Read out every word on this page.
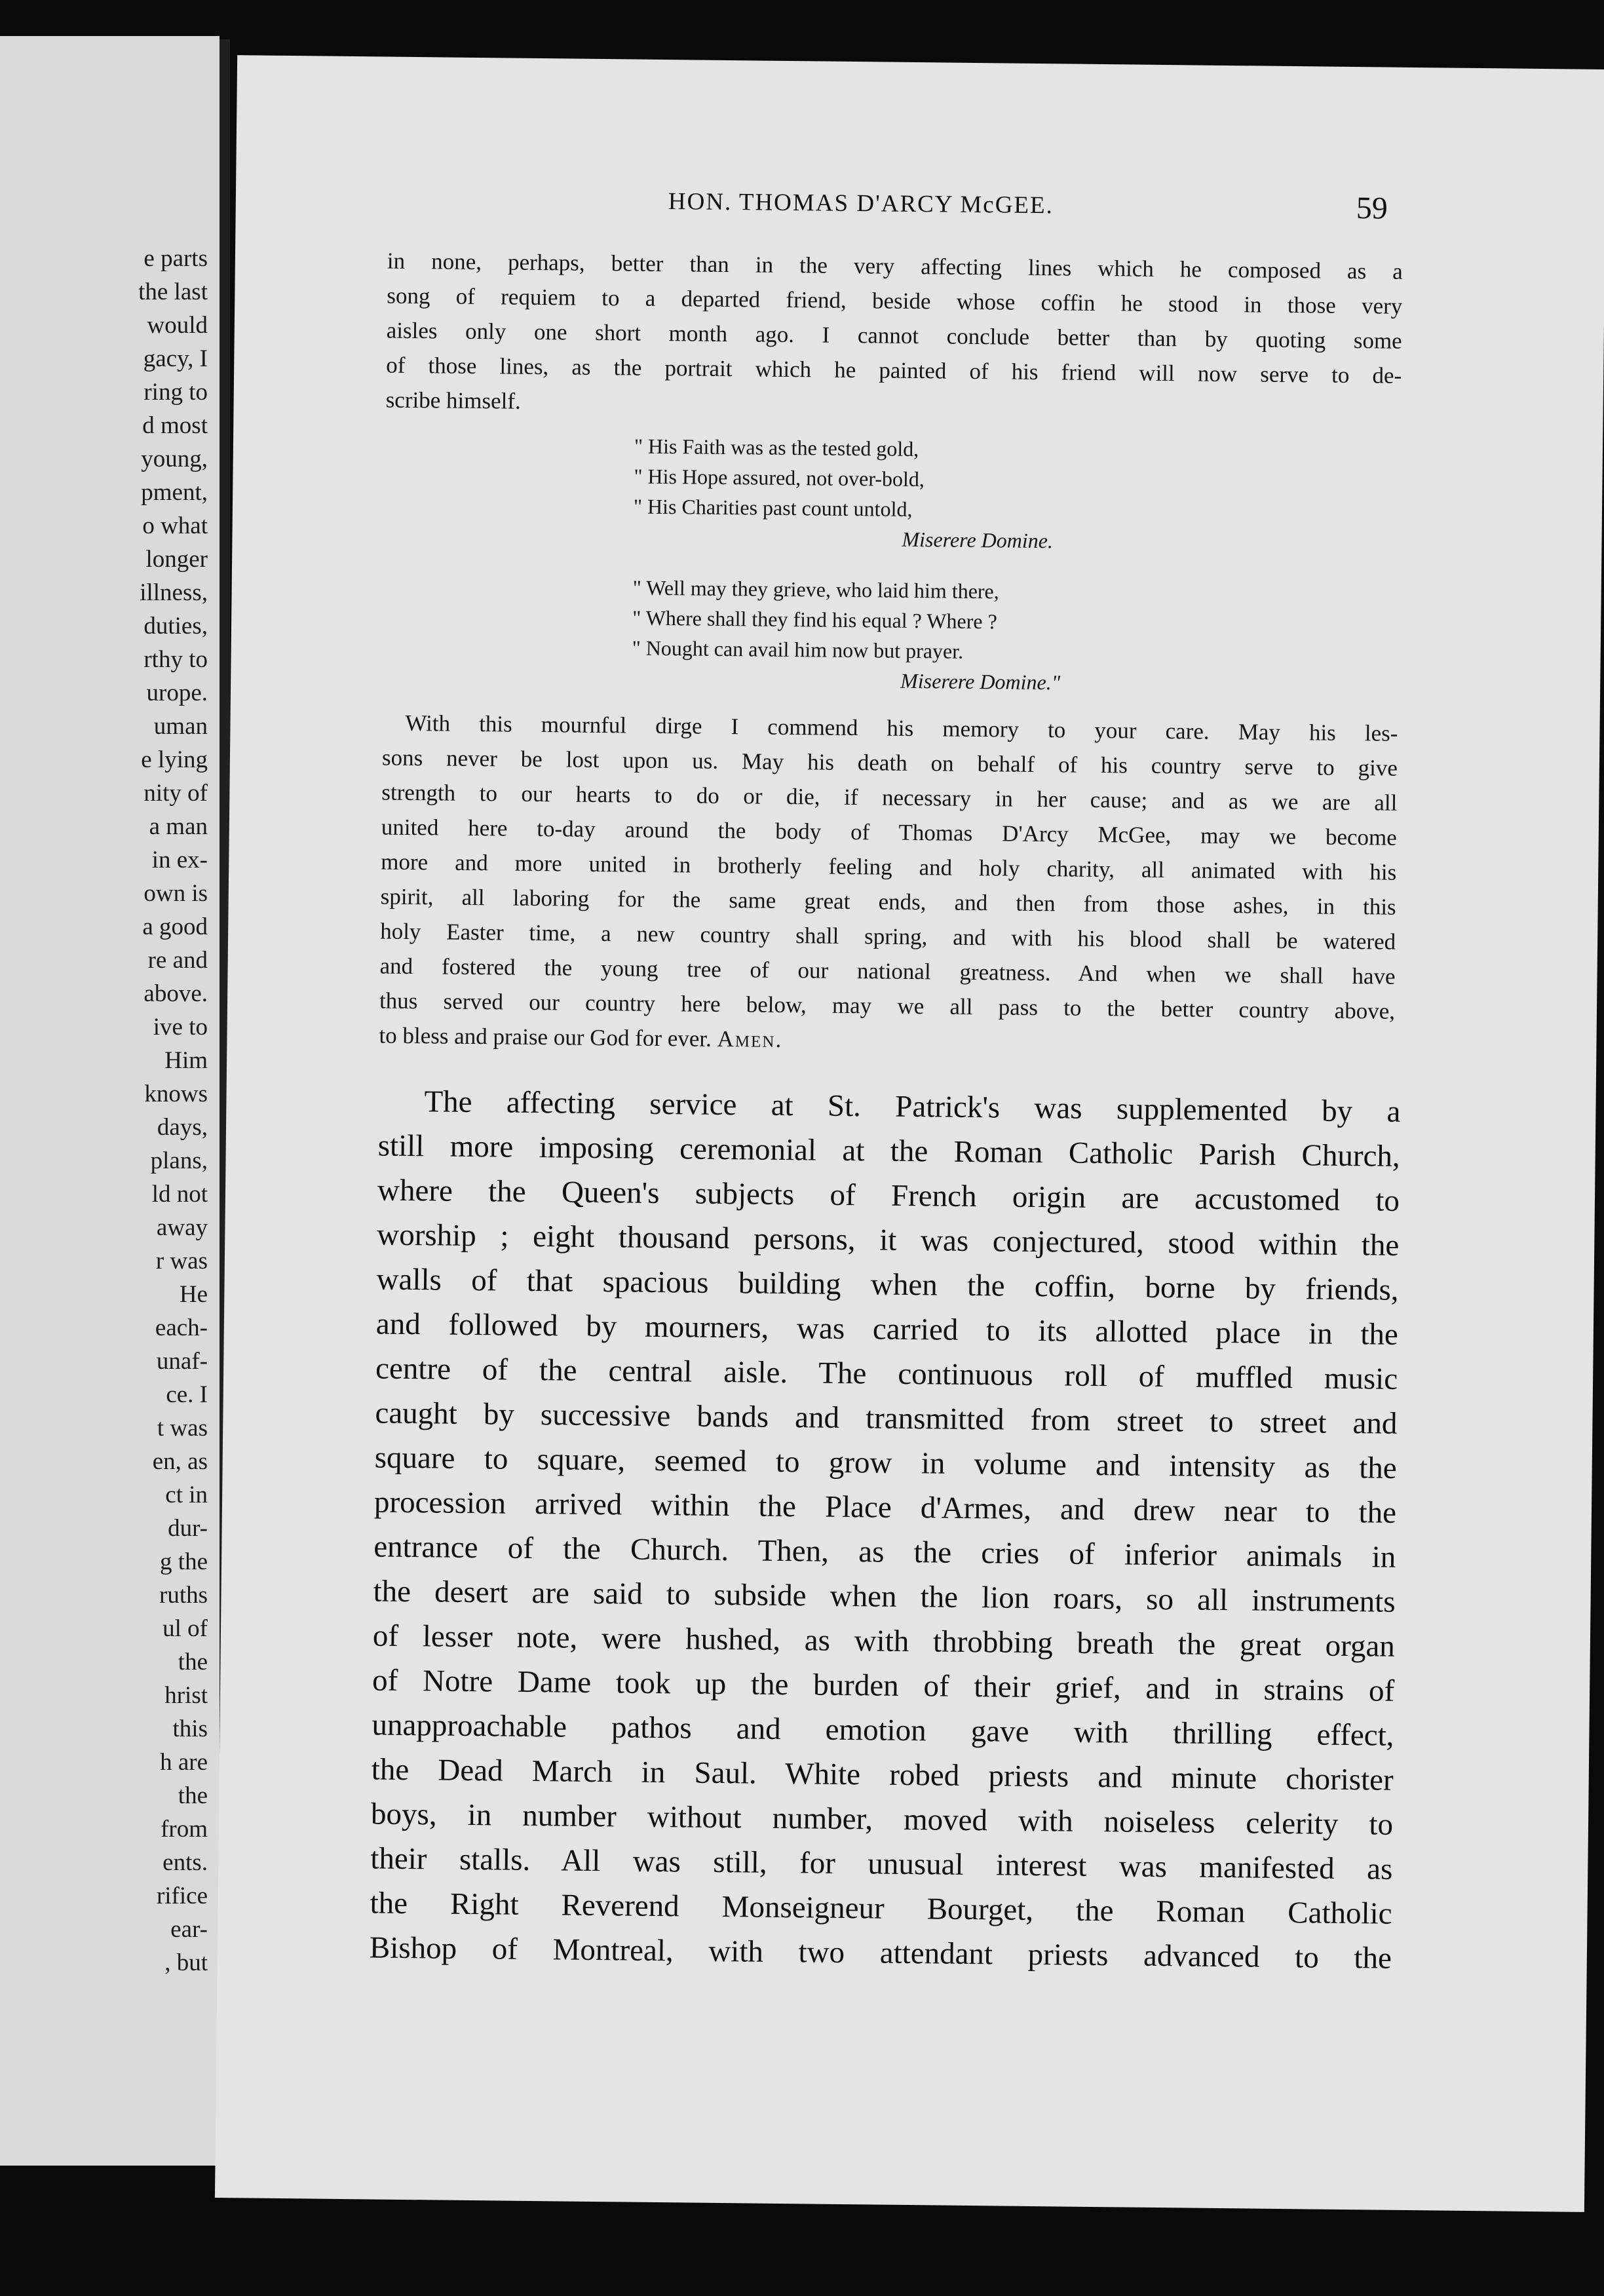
e parts
the last
would
gacy, I
ring to
d most
young,
pment,
o what
longer
illness,
duties,
rthy to
urope.
uman
e lying
nity of
a man
in ex-
own is
a good
re and
above.
ive to
Him
knows
days,
plans,
ld not
away
r was
He
each-
unaf-
ce. I
t was
en, as
ct in
dur-
g the
ruths
ul of
the
hrist
this
h are
the
from
ents.
rifice
ear-
, but
HON. THOMAS D'ARCY McGEE.	59
in none, perhaps, better than in the very affecting lines which he composed as a
song of requiem to a departed friend, beside whose coffin he stood in those very
aisles only one short month ago. I cannot conclude better than by quoting some
of those lines, as the portrait which he painted of his friend will now serve to de-
scribe himself.
" His Faith was as the tested gold,
" His Hope assured, not over-bold,
" His Charities past count untold,
Miserere Domine.
" Well may they grieve, who laid him there,
" Where shall they find his equal ? Where ?
" Nought can avail him now but prayer.
Miserere Domine."
With this mournful dirge I commend his memory to your care. May his les-
sons never be lost upon us. May his death on behalf of his country serve to give
strength to our hearts to do or die, if necessary in her cause; and as we are all
united here to-day around the body of Thomas D'Arcy McGee, may we become
more and more united in brotherly feeling and holy charity, all animated with his
spirit, all laboring for the same great ends, and then from those ashes, in this
holy Easter time, a new country shall spring, and with his blood shall be watered
and fostered the young tree of our national greatness. And when we shall have
thus served our country here below, may we all pass to the better country above,
to bless and praise our God for ever. Amen.
The affecting service at St. Patrick's was supplemented by a
still more imposing ceremonial at the Roman Catholic Parish Church,
where the Queen's subjects of French origin are accustomed to
worship ; eight thousand persons, it was conjectured, stood within the
walls of that spacious building when the coffin, borne by friends,
and followed by mourners, was carried to its allotted place in the
centre of the central aisle. The continuous roll of muffled music
caught by successive bands and transmitted from street to street and
square to square, seemed to grow in volume and intensity as the
procession arrived within the Place d'Armes, and drew near to the
entrance of the Church. Then, as the cries of inferior animals in
the desert are said to subside when the lion roars, so all instruments
of lesser note, were hushed, as with throbbing breath the great organ
of Notre Dame took up the burden of their grief, and in strains of
unapproachable pathos and emotion gave with thrilling effect,
the Dead March in Saul. White robed priests and minute chorister
boys, in number without number, moved with noiseless celerity to
their stalls. All was still, for unusual interest was manifested as
the Right Reverend Monseigneur Bourget, the Roman Catholic
Bishop of Montreal, with two attendant priests advanced to the
